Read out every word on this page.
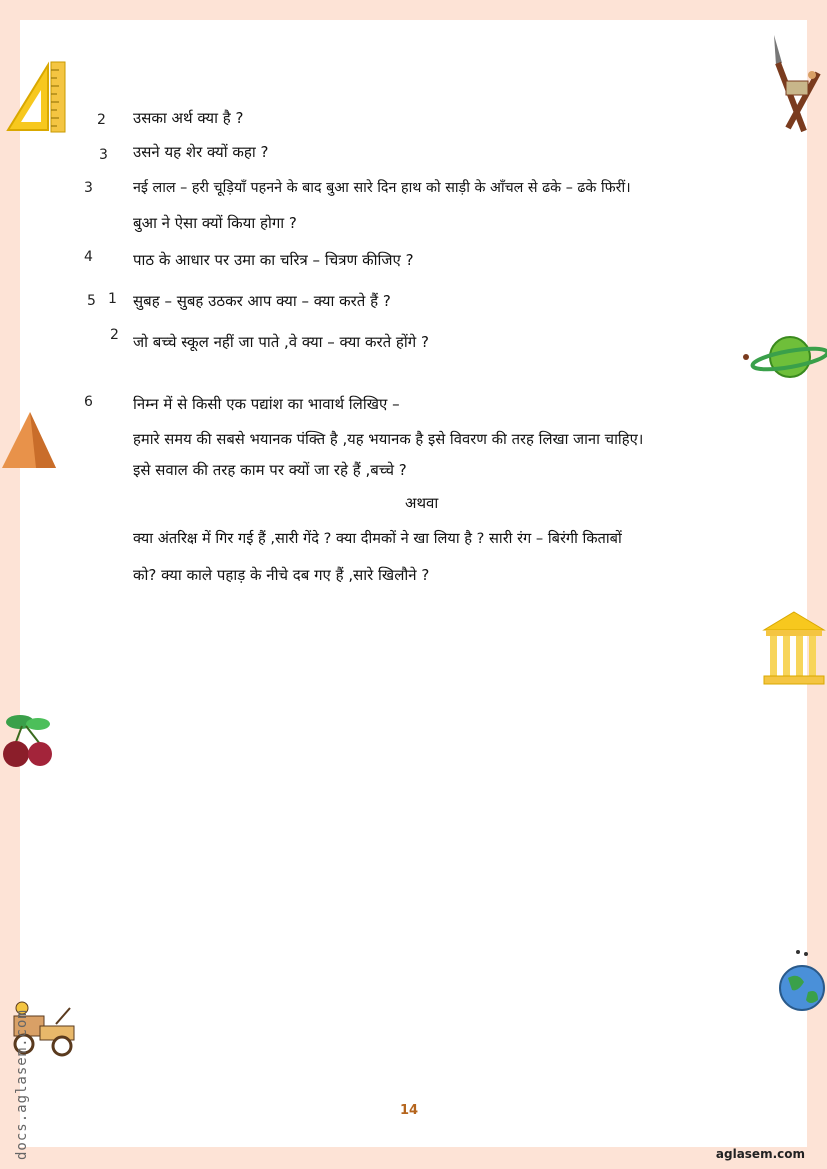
2 उसका अर्थ क्या है ?
3 उसने यह शेर क्यों कहा ?
3	नई लाल – हरी चूड़ियाँ पहनने के बाद बुआ सारे दिन हाथ को साड़ी के आँचल से ढके – ढके फिरीं।
बुआ ने ऐसा क्यों किया होगा ?
4	पाठ के आधार पर उमा का चरित्र – चित्रण कीजिए ?
5 1 सुबह – सुबह उठकर आप क्या – क्या करते हैं ?
2 जो बच्चे स्कूल नहीं जा पाते ,वे क्या – क्या करते होंगे ?
6	निम्न में से किसी एक पद्यांश का भावार्थ लिखिए –
हमारे समय की सबसे भयानक पंक्ति है ,यह भयानक है इसे विवरण की तरह लिखा जाना चाहिए।
इसे सवाल की तरह काम पर क्यों जा रहे हैं ,बच्चे ?
अथवा
क्या अंतरिक्ष में गिर गई हैं ,सारी गेंदे ? क्या दीमकों ने खा लिया है ? सारी रंग – बिरंगी किताबों
को? क्या काले पहाड़ के नीचे दब गए हैं ,सारे खिलौने ?
14
aglasem.com
docs.aglasem.com
